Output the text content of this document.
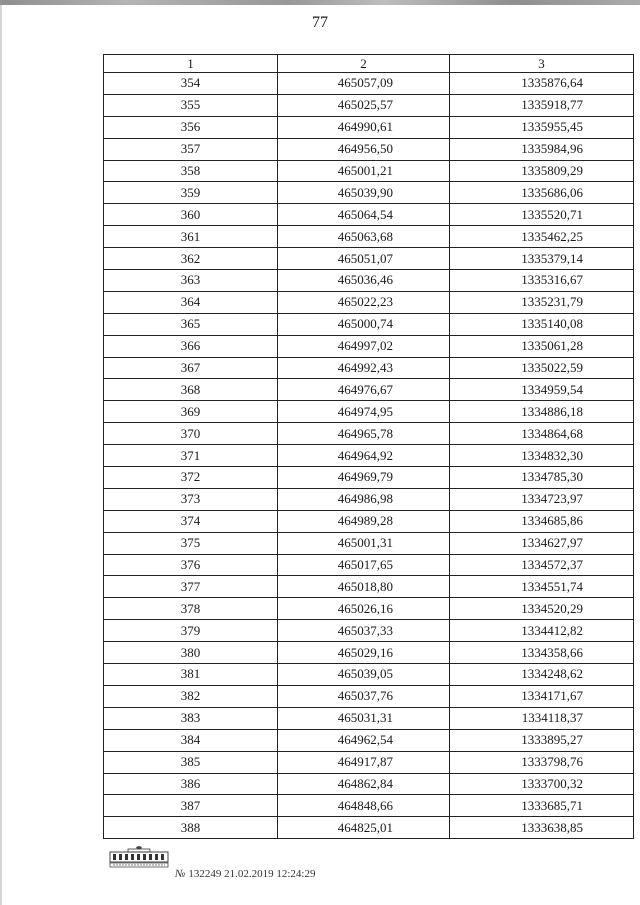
77
1	2	3
354	465057,09	1335876,64
355	465025,57	1335918,77
356	464990,61	1335955,45
357	464956,50	1335984,96
358	465001,21	1335809,29
359	465039,90	1335686,06
360	465064,54	1335520,71
361	465063,68	1335462,25
362	465051,07	1335379,14
363	465036,46	1335316,67
364	465022,23	1335231,79
365	465000,74	1335140,08
366	464997,02	1335061,28
367	464992,43	1335022,59
368	464976,67	1334959,54
369	464974,95	1334886,18
370	464965,78	1334864,68
371	464964,92	1334832,30
372	464969,79	1334785,30
373	464986,98	1334723,97
374	464989,28	1334685,86
375	465001,31	1334627,97
376	465017,65	1334572,37
377	465018,80	1334551,74
378	465026,16	1334520,29
379	465037,33	1334412,82
380	465029,16	1334358,66
381	465039,05	1334248,62
382	465037,76	1334171,67
383	465031,31	1334118,37
384	464962,54	1333895,27
385	464917,87	1333798,76
386	464862,84	1333700,32
387	464848,66	1333685,71
388	464825,01	1333638,85
№ 132249 21.02.2019 12:24:29
